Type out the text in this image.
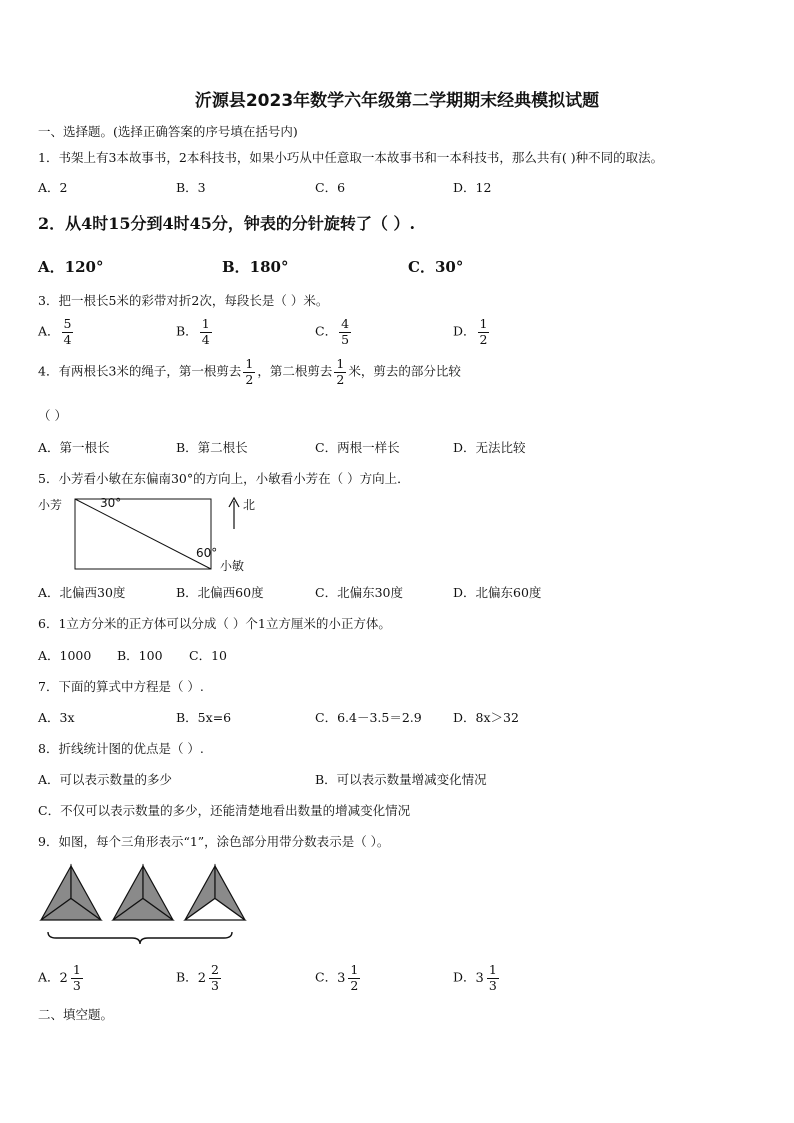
沂源县2023年数学六年级第二学期期末经典模拟试题
一、选择题。(选择正确答案的序号填在括号内)
1．书架上有3本故事书，2本科技书，如果小巧从中任意取一本故事书和一本科技书，那么共有( )种不同的取法。
A．2	B．3	C．6	D．12
2．从4时15分到4时45分，钟表的分针旋转了（ ）.
A．120°	B．180°	C．30°
3．把一根长5米的彩带对折2次，每段长是（ ）米。
A． $\frac{5}{4}$	B． $\frac{1}{4}$	C． $\frac{4}{5}$	D． $\frac{1}{2}$
4．有两根长3米的绳子，第一根剪去 $\frac{1}{2}$ ，第二根剪去 $\frac{1}{2}$ 米，剪去的部分比较
（ ）
A．第一根长	B．第二根长	C．两根一样长	D．无法比较
5．小芳看小敏在东偏南30°的方向上，小敏看小芳在（ ）方向上．
小芳	30°
60°
小敏
北
A．北偏西30度	B．北偏西60度	C．北偏东30度	D．北偏东60度
6．1立方分米的正方体可以分成（ ）个1立方厘米的小正方体。
A．1000 B．100 C．10
7．下面的算式中方程是（ ）.
A．3x	B．5x=6	C．6.4－3.5＝2.9	D．8x＞32
8．折线统计图的优点是（ ）.
A．可以表示数量的多少	B．可以表示数量增减变化情况
C．不仅可以表示数量的多少，还能清楚地看出数量的增减变化情况
9．如图，每个三角形表示“1”，涂色部分用带分数表示是（ ）。
A． $2 \frac{1}{3}$	B． $2 \frac{2}{3}$	C． $3 \frac{1}{2}$	D． $3 \frac{1}{3}$
二、填空题。
